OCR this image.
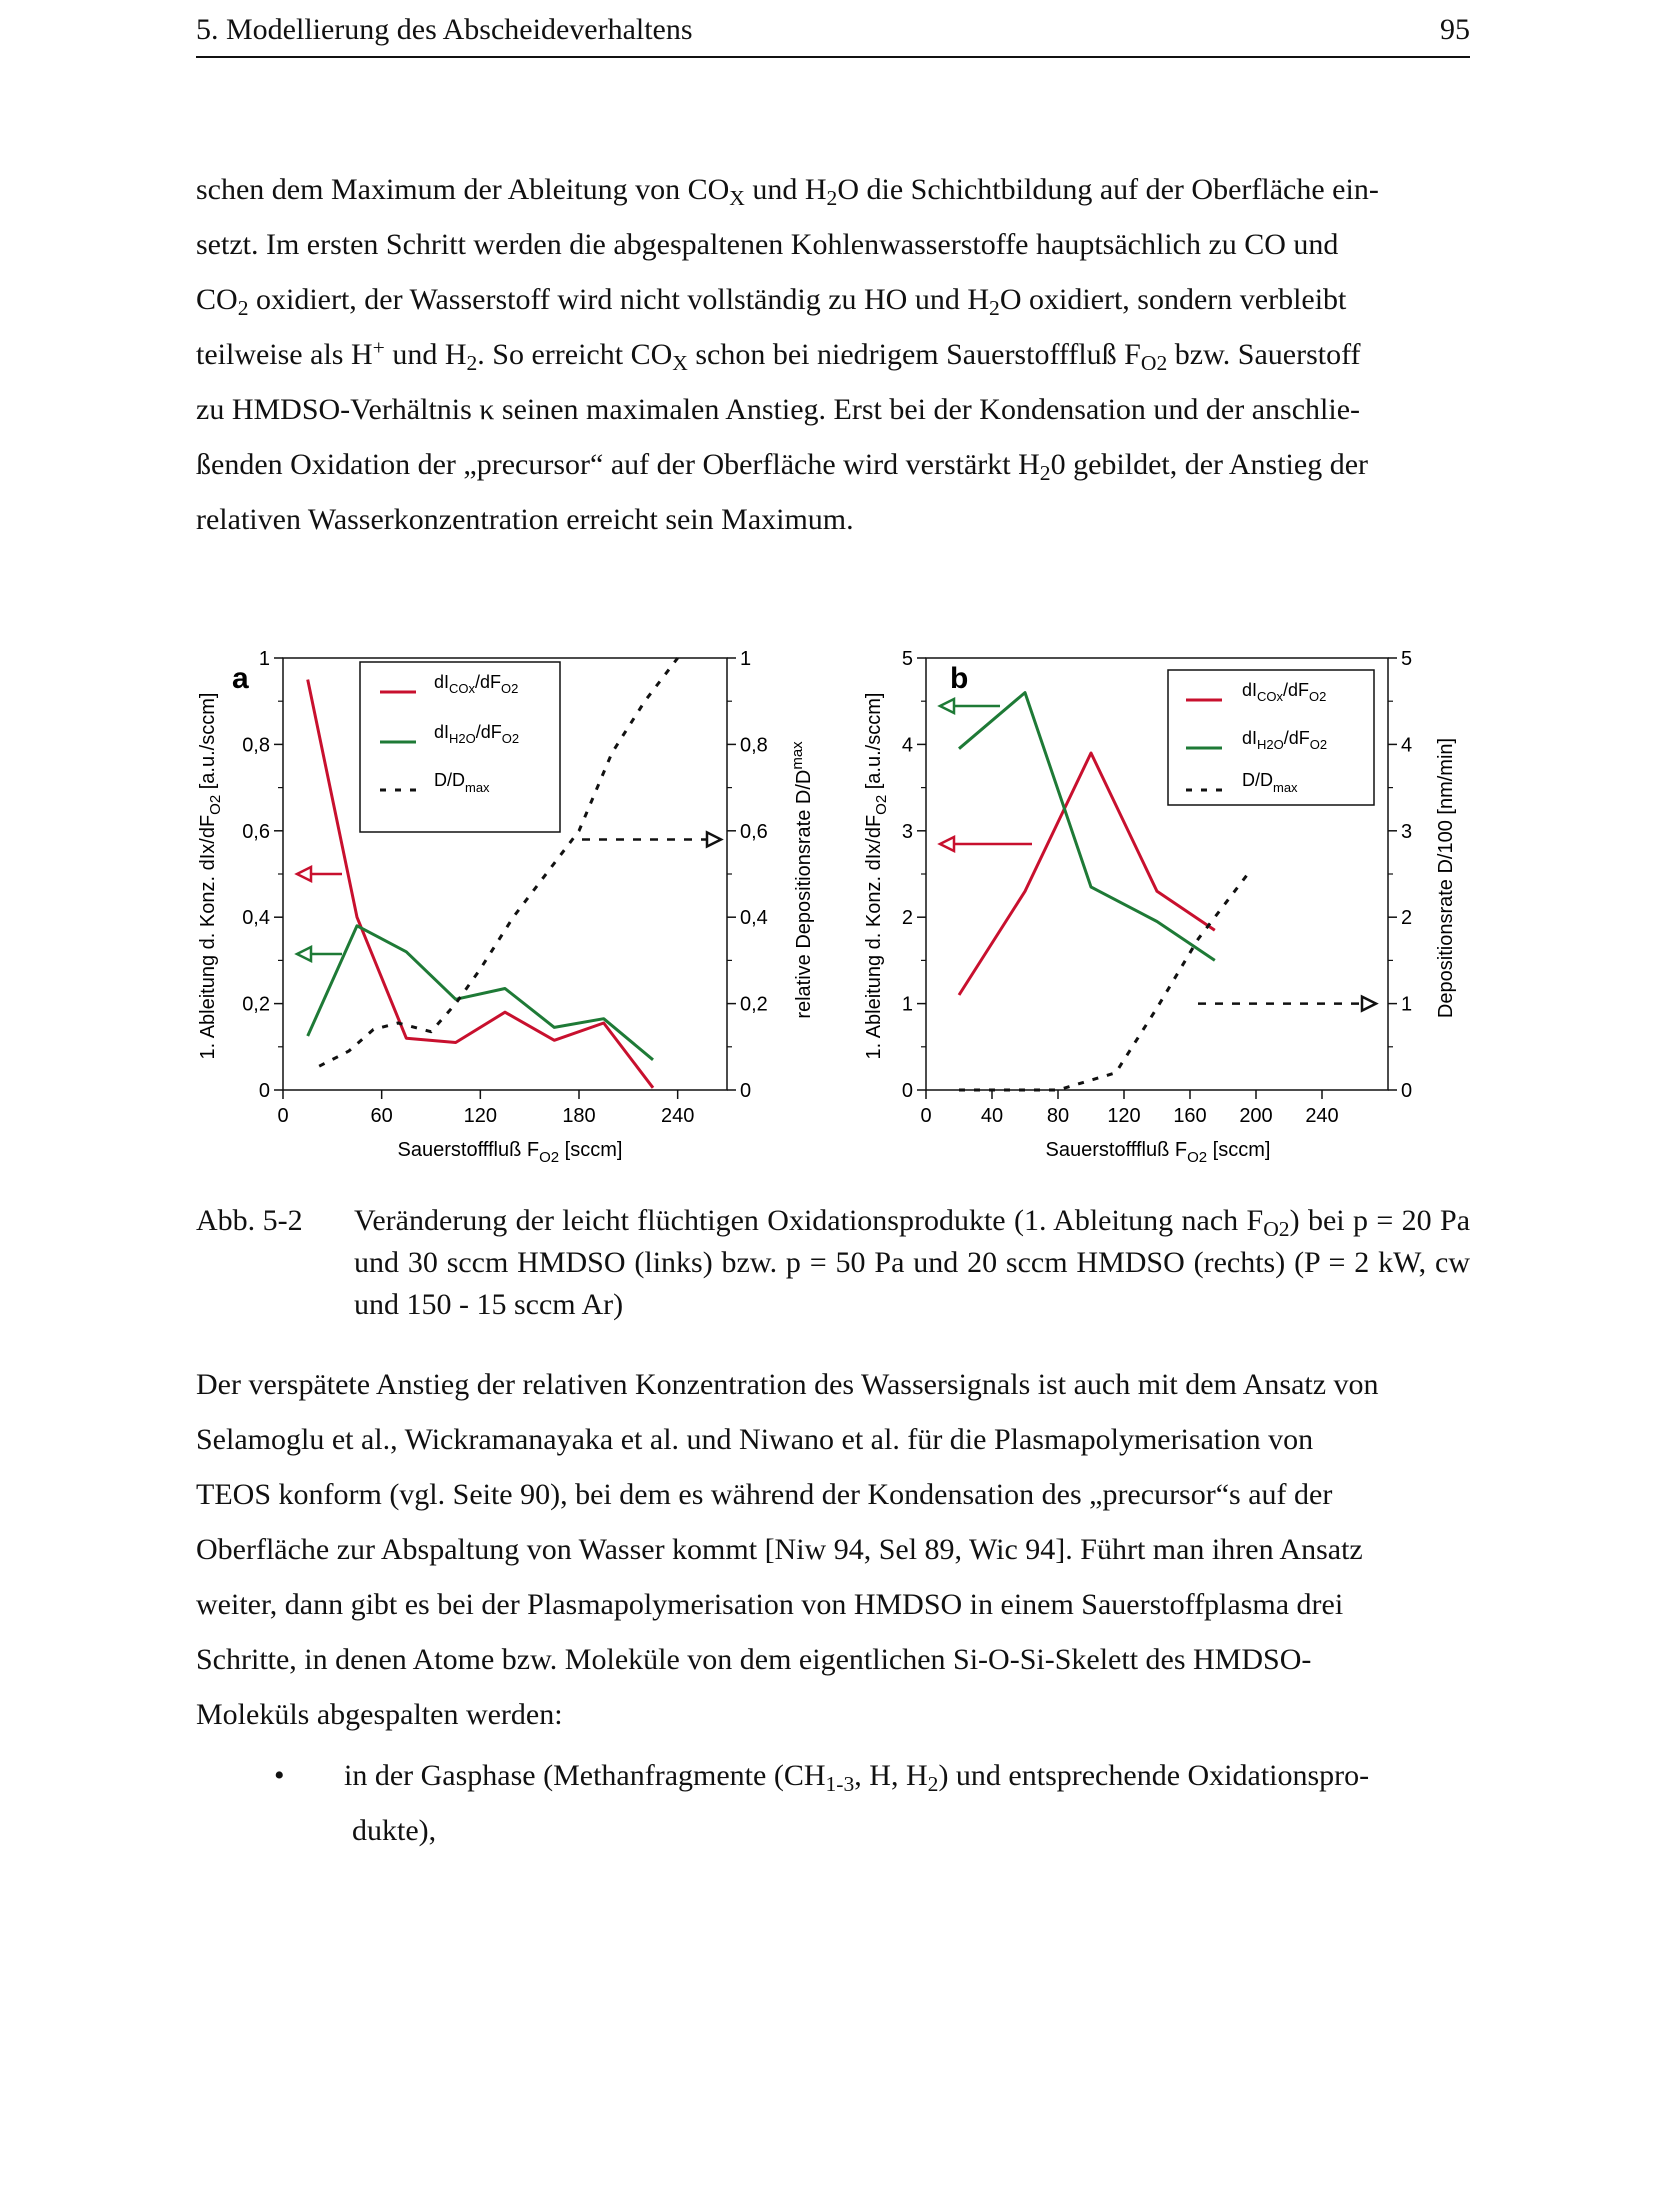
5. Modellierung des Abscheideverhaltens	95

schen dem Maximum der Ableitung von $CO_X$ und $H_2O$ die Schichtbildung auf der Oberfläche ein-

setzt. Im ersten Schritt werden die abgespaltenen Kohlenwasserstoffe hauptsächlich zu CO und

$CO_2$ oxidiert, der Wasserstoff wird nicht vollständig zu HO und $H_2O$ oxidiert, sondern verbleibt

teilweise als H+ und $H_2$. So erreicht $CO_X$ schon bei niedrigem Sauerstofffluß $F_{O2}$ bzw. Sauerstoff

zu HMDSO-Verhältnis κ seinen maximalen Anstieg. Erst bei der Kondensation und der anschlie-

ßenden Oxidation der „precursor“ auf der Oberfläche wird verstärkt $H_20$ gebildet, der Anstieg der

relativen Wasserkonzentration erreicht sein Maximum.

0	60	120	180	240
0	0
0,2	0,2
0,4	0,4
0,6	0,6
0,8	0,8
1	1
a	$dI_{COx}/dF_{O2}$
$dI_{H2O}/dF_{O2}$
$D/D_{max}$
Sauerstofffluß $F_{O2}$ [sccm]
1. Ableitung d. Konz. dIx/$dF_{O2}$ [a.u./sccm]
relative Depositionsrate $D/D^{max}$
0 40 80 120 160 200 240
0	0
1	1
2	2
3	3
4	4
5	5
b	$dI_{COx}/dF_{O2}$
$dI_{H2O}/dF_{O2}$
$D/D_{max}$
Sauerstofffluß $F_{O2}$ [sccm]
1. Ableitung d. Konz. dIx/$dF_{O2}$ [a.u./sccm]	Depositionsrate D/100 [nm/min]
Abb. 5-2 Veränderung der leicht flüchtigen Oxidationsprodukte (1. Ableitung nach $F_{O2}$) bei p = 20 Pa und 30 sccm HMDSO (links) bzw. p = 50 Pa und 20 sccm HMDSO (rechts) (P = 2 kW, cw und 150 - 15 sccm Ar)

Der verspätete Anstieg der relativen Konzentration des Wassersignals ist auch mit dem Ansatz von

Selamoglu et al., Wickramanayaka et al. und Niwano et al. für die Plasmapolymerisation von

TEOS konform (vgl. Seite 90), bei dem es während der Kondensation des „precursor“s auf der

Oberfläche zur Abspaltung von Wasser kommt [Niw 94, Sel 89, Wic 94]. Führt man ihren Ansatz

weiter, dann gibt es bei der Plasmapolymerisation von HMDSO in einem Sauerstoffplasma drei

Schritte, in denen Atome bzw. Moleküle von dem eigentlichen Si-O-Si-Skelett des HMDSO-

Moleküls abgespalten werden:

• in der Gasphase (Methanfragmente ($CH_{1-3}$, H, $H_2$) und entsprechende Oxidationspro-
dukte),
